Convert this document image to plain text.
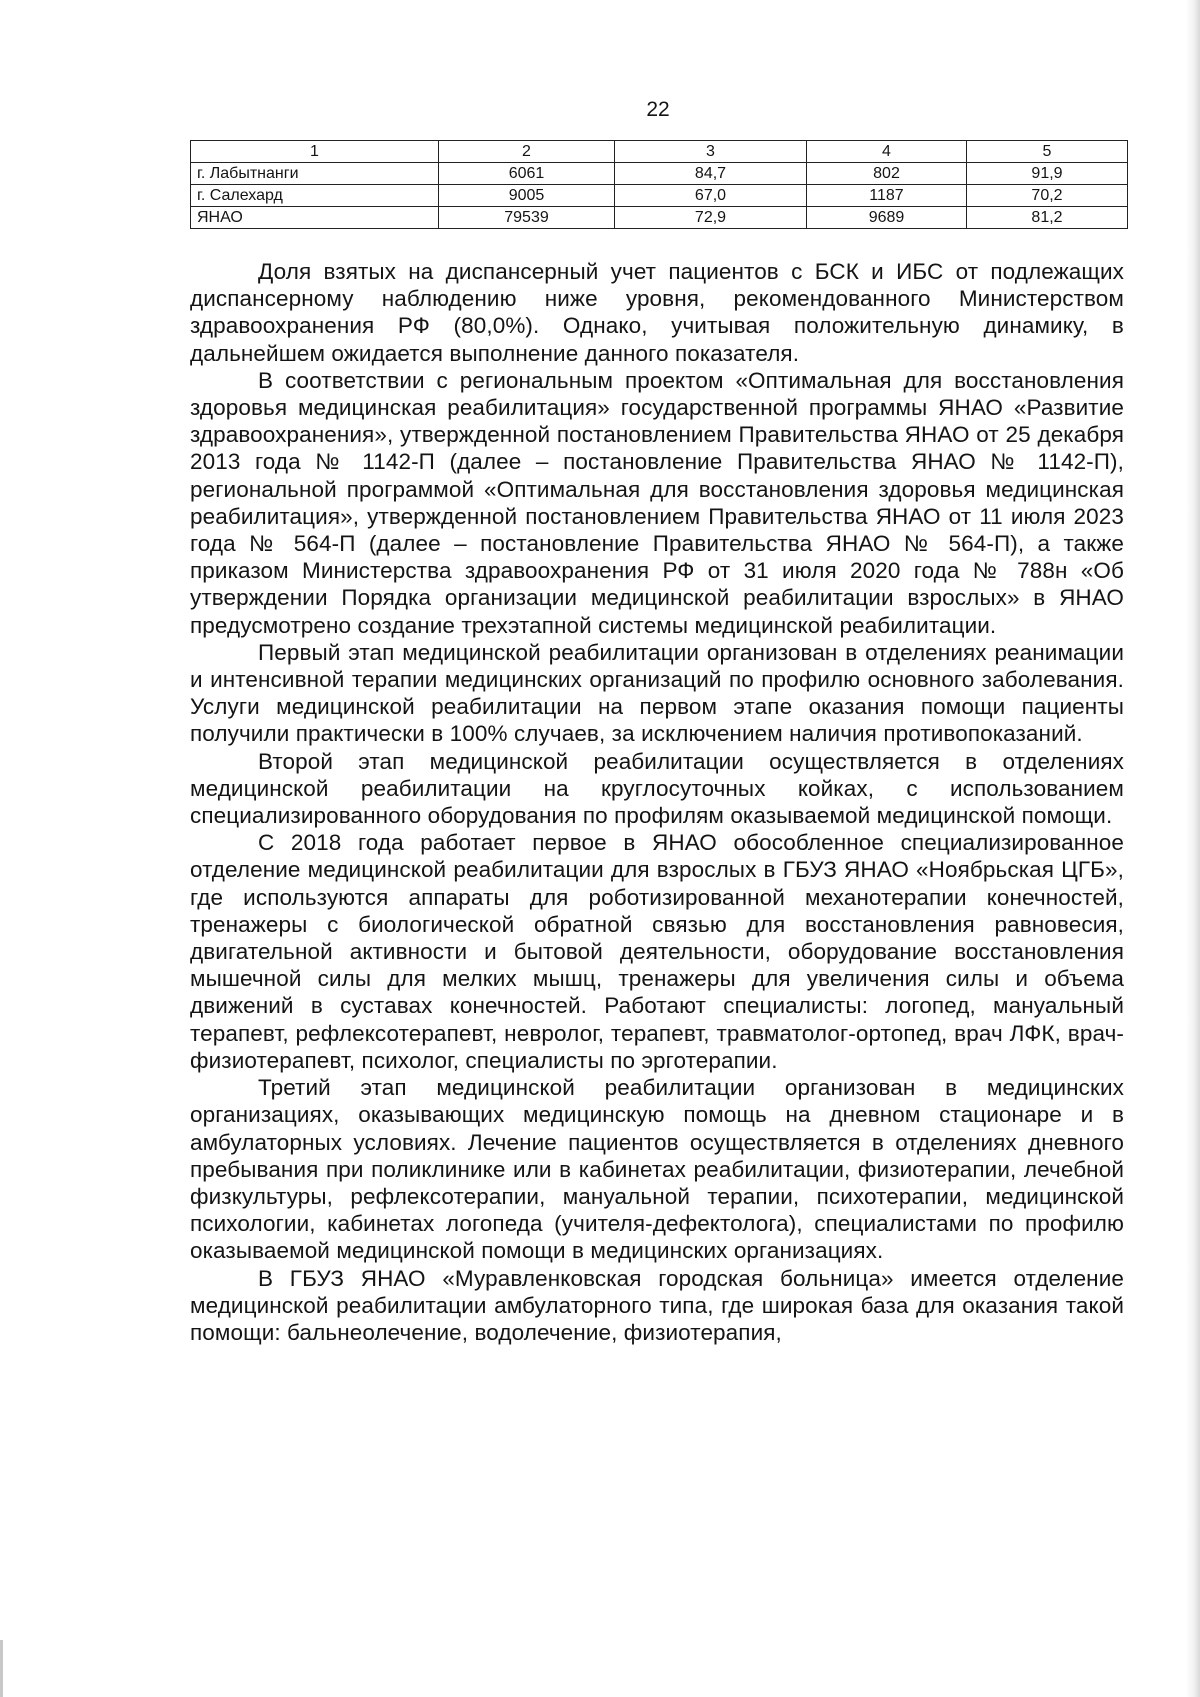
22
1	2	3	4	5
г. Лабытнанги	6061	84,7	802	91,9
г. Салехард	9005	67,0	1187	70,2
ЯНАО	79539	72,9	9689	81,2

Доля взятых на диспансерный учет пациентов с БСК и ИБС от подлежащих диспансерному наблюдению ниже уровня, рекомендованного Министерством здравоохранения РФ (80,0%). Однако, учитывая положительную динамику, в дальнейшем ожидается выполнение данного показателя.

В соответствии с региональным проектом «Оптимальная для восстановления здоровья медицинская реабилитация» государственной программы ЯНАО «Развитие здравоохранения», утвержденной постановлением Правительства ЯНАО от 25 декабря 2013 года № 1142-П (далее – постановление Правительства ЯНАО № 1142-П), региональной программой «Оптимальная для восстановления здоровья медицинская реабилитация», утвержденной постановлением Правительства ЯНАО от 11 июля 2023 года № 564-П (далее – постановление Правительства ЯНАО № 564-П), а также приказом Министерства здравоохранения РФ от 31 июля 2020 года № 788н «Об утверждении Порядка организации медицинской реабилитации взрослых» в ЯНАО предусмотрено создание трехэтапной системы медицинской реабилитации.

Первый этап медицинской реабилитации организован в отделениях реанимации и интенсивной терапии медицинских организаций по профилю основного заболевания. Услуги медицинской реабилитации на первом этапе оказания помощи пациенты получили практически в 100% случаев, за исключением наличия противопоказаний.

Второй этап медицинской реабилитации осуществляется в отделениях медицинской реабилитации на круглосуточных койках, с использованием специализированного оборудования по профилям оказываемой медицинской помощи.

С 2018 года работает первое в ЯНАО обособленное специализированное отделение медицинской реабилитации для взрослых в ГБУЗ ЯНАО «Ноябрьская ЦГБ», где используются аппараты для роботизированной механотерапии конечностей, тренажеры с биологической обратной связью для восстановления равновесия, двигательной активности и бытовой деятельности, оборудование восстановления мышечной силы для мелких мышц, тренажеры для увеличения силы и объема движений в суставах конечностей. Работают специалисты: логопед, мануальный терапевт, рефлексотерапевт, невролог, терапевт, травматолог-ортопед, врач ЛФК, врач-физиотерапевт, психолог, специалисты по эрготерапии.

Третий этап медицинской реабилитации организован в медицинских организациях, оказывающих медицинскую помощь на дневном стационаре и в амбулаторных условиях. Лечение пациентов осуществляется в отделениях дневного пребывания при поликлинике или в кабинетах реабилитации, физиотерапии, лечебной физкультуры, рефлексотерапии, мануальной терапии, психотерапии, медицинской психологии, кабинетах логопеда (учителя-дефектолога), специалистами по профилю оказываемой медицинской помощи в медицинских организациях.

В ГБУЗ ЯНАО «Муравленковская городская больница» имеется отделение медицинской реабилитации амбулаторного типа, где широкая база для оказания такой помощи: бальнеолечение, водолечение, физиотерапия,
